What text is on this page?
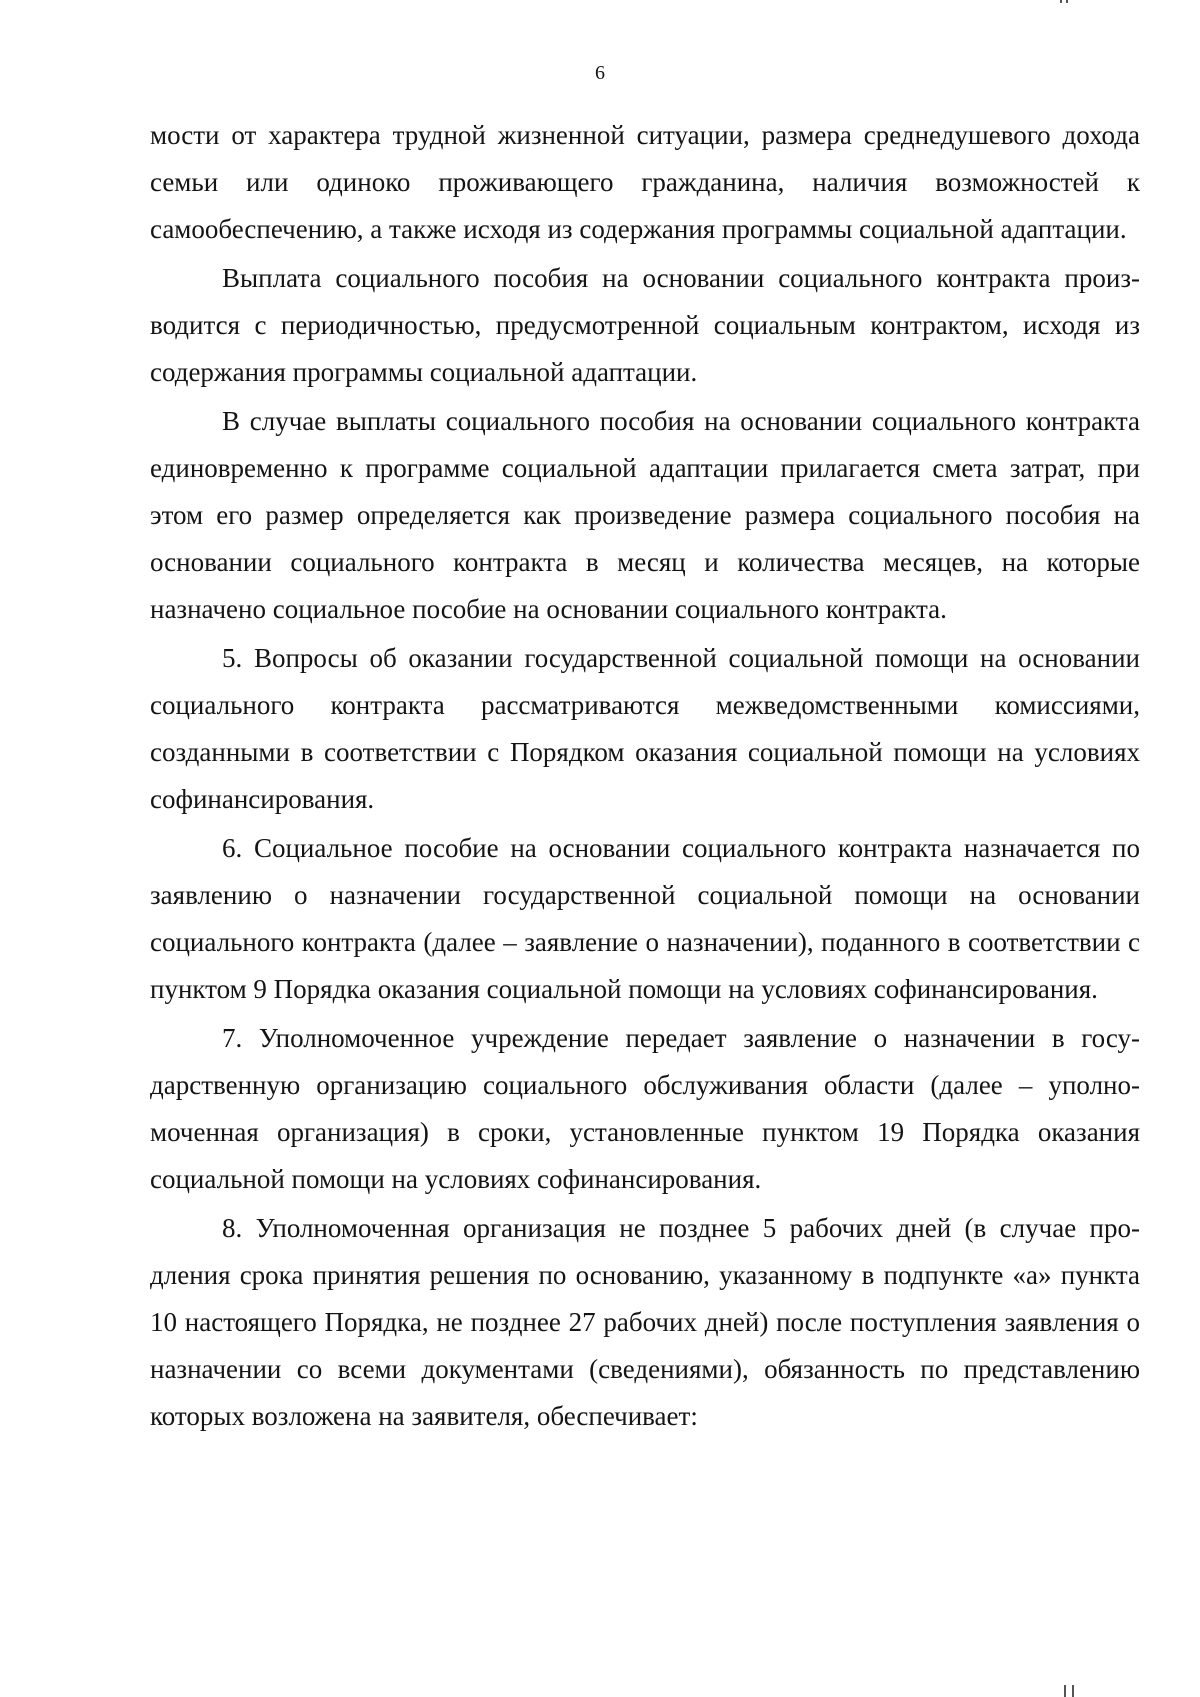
6

мости от характера трудной жизненной ситуации, размера среднедушевого дохода семьи или одиноко проживающего гражданина, наличия возможностей к самообеспечению, а также исходя из содержания программы социальной адаптации.

Выплата социального пособия на основании социального контракта производится с периодичностью, предусмотренной социальным контрактом, исходя из содержания программы социальной адаптации.

В случае выплаты социального пособия на основании социального контракта единовременно к программе социальной адаптации прилагается смета затрат, при этом его размер определяется как произведение размера социального пособия на основании социального контракта в месяц и количества месяцев, на которые назначено социальное пособие на основании социального контракта.

5. Вопросы об оказании государственной социальной помощи на основании социального контракта рассматриваются межведомственными комиссиями, созданными в соответствии с Порядком оказания социальной помощи на условиях софинансирования.

6. Социальное пособие на основании социального контракта назначается по заявлению о назначении государственной социальной помощи на основании социального контракта (далее – заявление о назначении), поданного в соответствии с пунктом 9 Порядка оказания социальной помощи на условиях софинансирования.

7. Уполномоченное учреждение передает заявление о назначении в государственную организацию социального обслуживания области (далее – уполномоченная организация) в сроки, установленные пунктом 19 Порядка оказания социальной помощи на условиях софинансирования.

8. Уполномоченная организация не позднее 5 рабочих дней (в случае продления срока принятия решения по основанию, указанному в подпункте «а» пункта 10 настоящего Порядка, не позднее 27 рабочих дней) после поступления заявления о назначении со всеми документами (сведениями), обязанность по представлению которых возложена на заявителя, обеспечивает:
